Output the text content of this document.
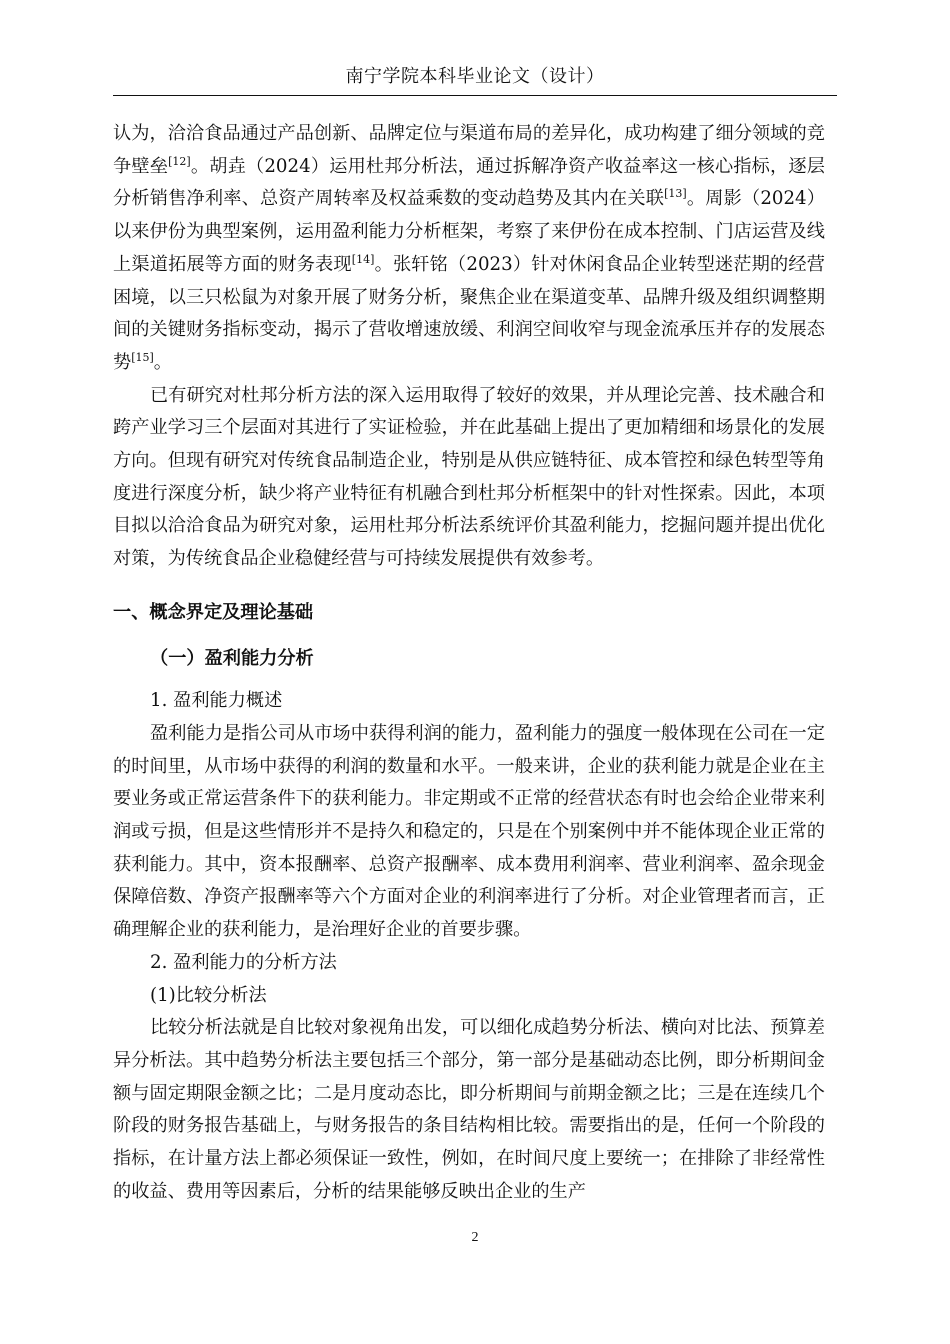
南宁学院本科毕业论文（设计）

认为，洽洽食品通过产品创新、品牌定位与渠道布局的差异化，成功构建了细分领域的竞争壁垒[12]。胡垚（2024）运用杜邦分析法，通过拆解净资产收益率这一核心指标，逐层分析销售净利率、总资产周转率及权益乘数的变动趋势及其内在关联[13]。周影（2024）以来伊份为典型案例，运用盈利能力分析框架，考察了来伊份在成本控制、门店运营及线上渠道拓展等方面的财务表现[14]。张轩铭（2023）针对休闲食品企业转型迷茫期的经营困境，以三只松鼠为对象开展了财务分析，聚焦企业在渠道变革、品牌升级及组织调整期间的关键财务指标变动，揭示了营收增速放缓、利润空间收窄与现金流承压并存的发展态势[15]。

已有研究对杜邦分析方法的深入运用取得了较好的效果，并从理论完善、技术融合和跨产业学习三个层面对其进行了实证检验，并在此基础上提出了更加精细和场景化的发展方向。但现有研究对传统食品制造企业，特别是从供应链特征、成本管控和绿色转型等角度进行深度分析，缺少将产业特征有机融合到杜邦分析框架中的针对性探索。因此，本项目拟以洽洽食品为研究对象，运用杜邦分析法系统评价其盈利能力，挖掘问题并提出优化对策，为传统食品企业稳健经营与可持续发展提供有效参考。

一、概念界定及理论基础
（一）盈利能力分析
1. 盈利能力概述

盈利能力是指公司从市场中获得利润的能力，盈利能力的强度一般体现在公司在一定的时间里，从市场中获得的利润的数量和水平。一般来讲，企业的获利能力就是企业在主要业务或正常运营条件下的获利能力。非定期或不正常的经营状态有时也会给企业带来利润或亏损，但是这些情形并不是持久和稳定的，只是在个别案例中并不能体现企业正常的获利能力。其中，资本报酬率、总资产报酬率、成本费用利润率、营业利润率、盈余现金保障倍数、净资产报酬率等六个方面对企业的利润率进行了分析。对企业管理者而言，正确理解企业的获利能力，是治理好企业的首要步骤。

2. 盈利能力的分析方法
(1)比较分析法

比较分析法就是自比较对象视角出发，可以细化成趋势分析法、横向对比法、预算差异分析法。其中趋势分析法主要包括三个部分，第一部分是基础动态比例，即分析期间金额与固定期限金额之比；二是月度动态比，即分析期间与前期金额之比；三是在连续几个阶段的财务报告基础上，与财务报告的条目结构相比较。需要指出的是，任何一个阶段的指标，在计量方法上都必须保证一致性，例如，在时间尺度上要统一；在排除了非经常性的收益、费用等因素后，分析的结果能够反映出企业的生产

2
